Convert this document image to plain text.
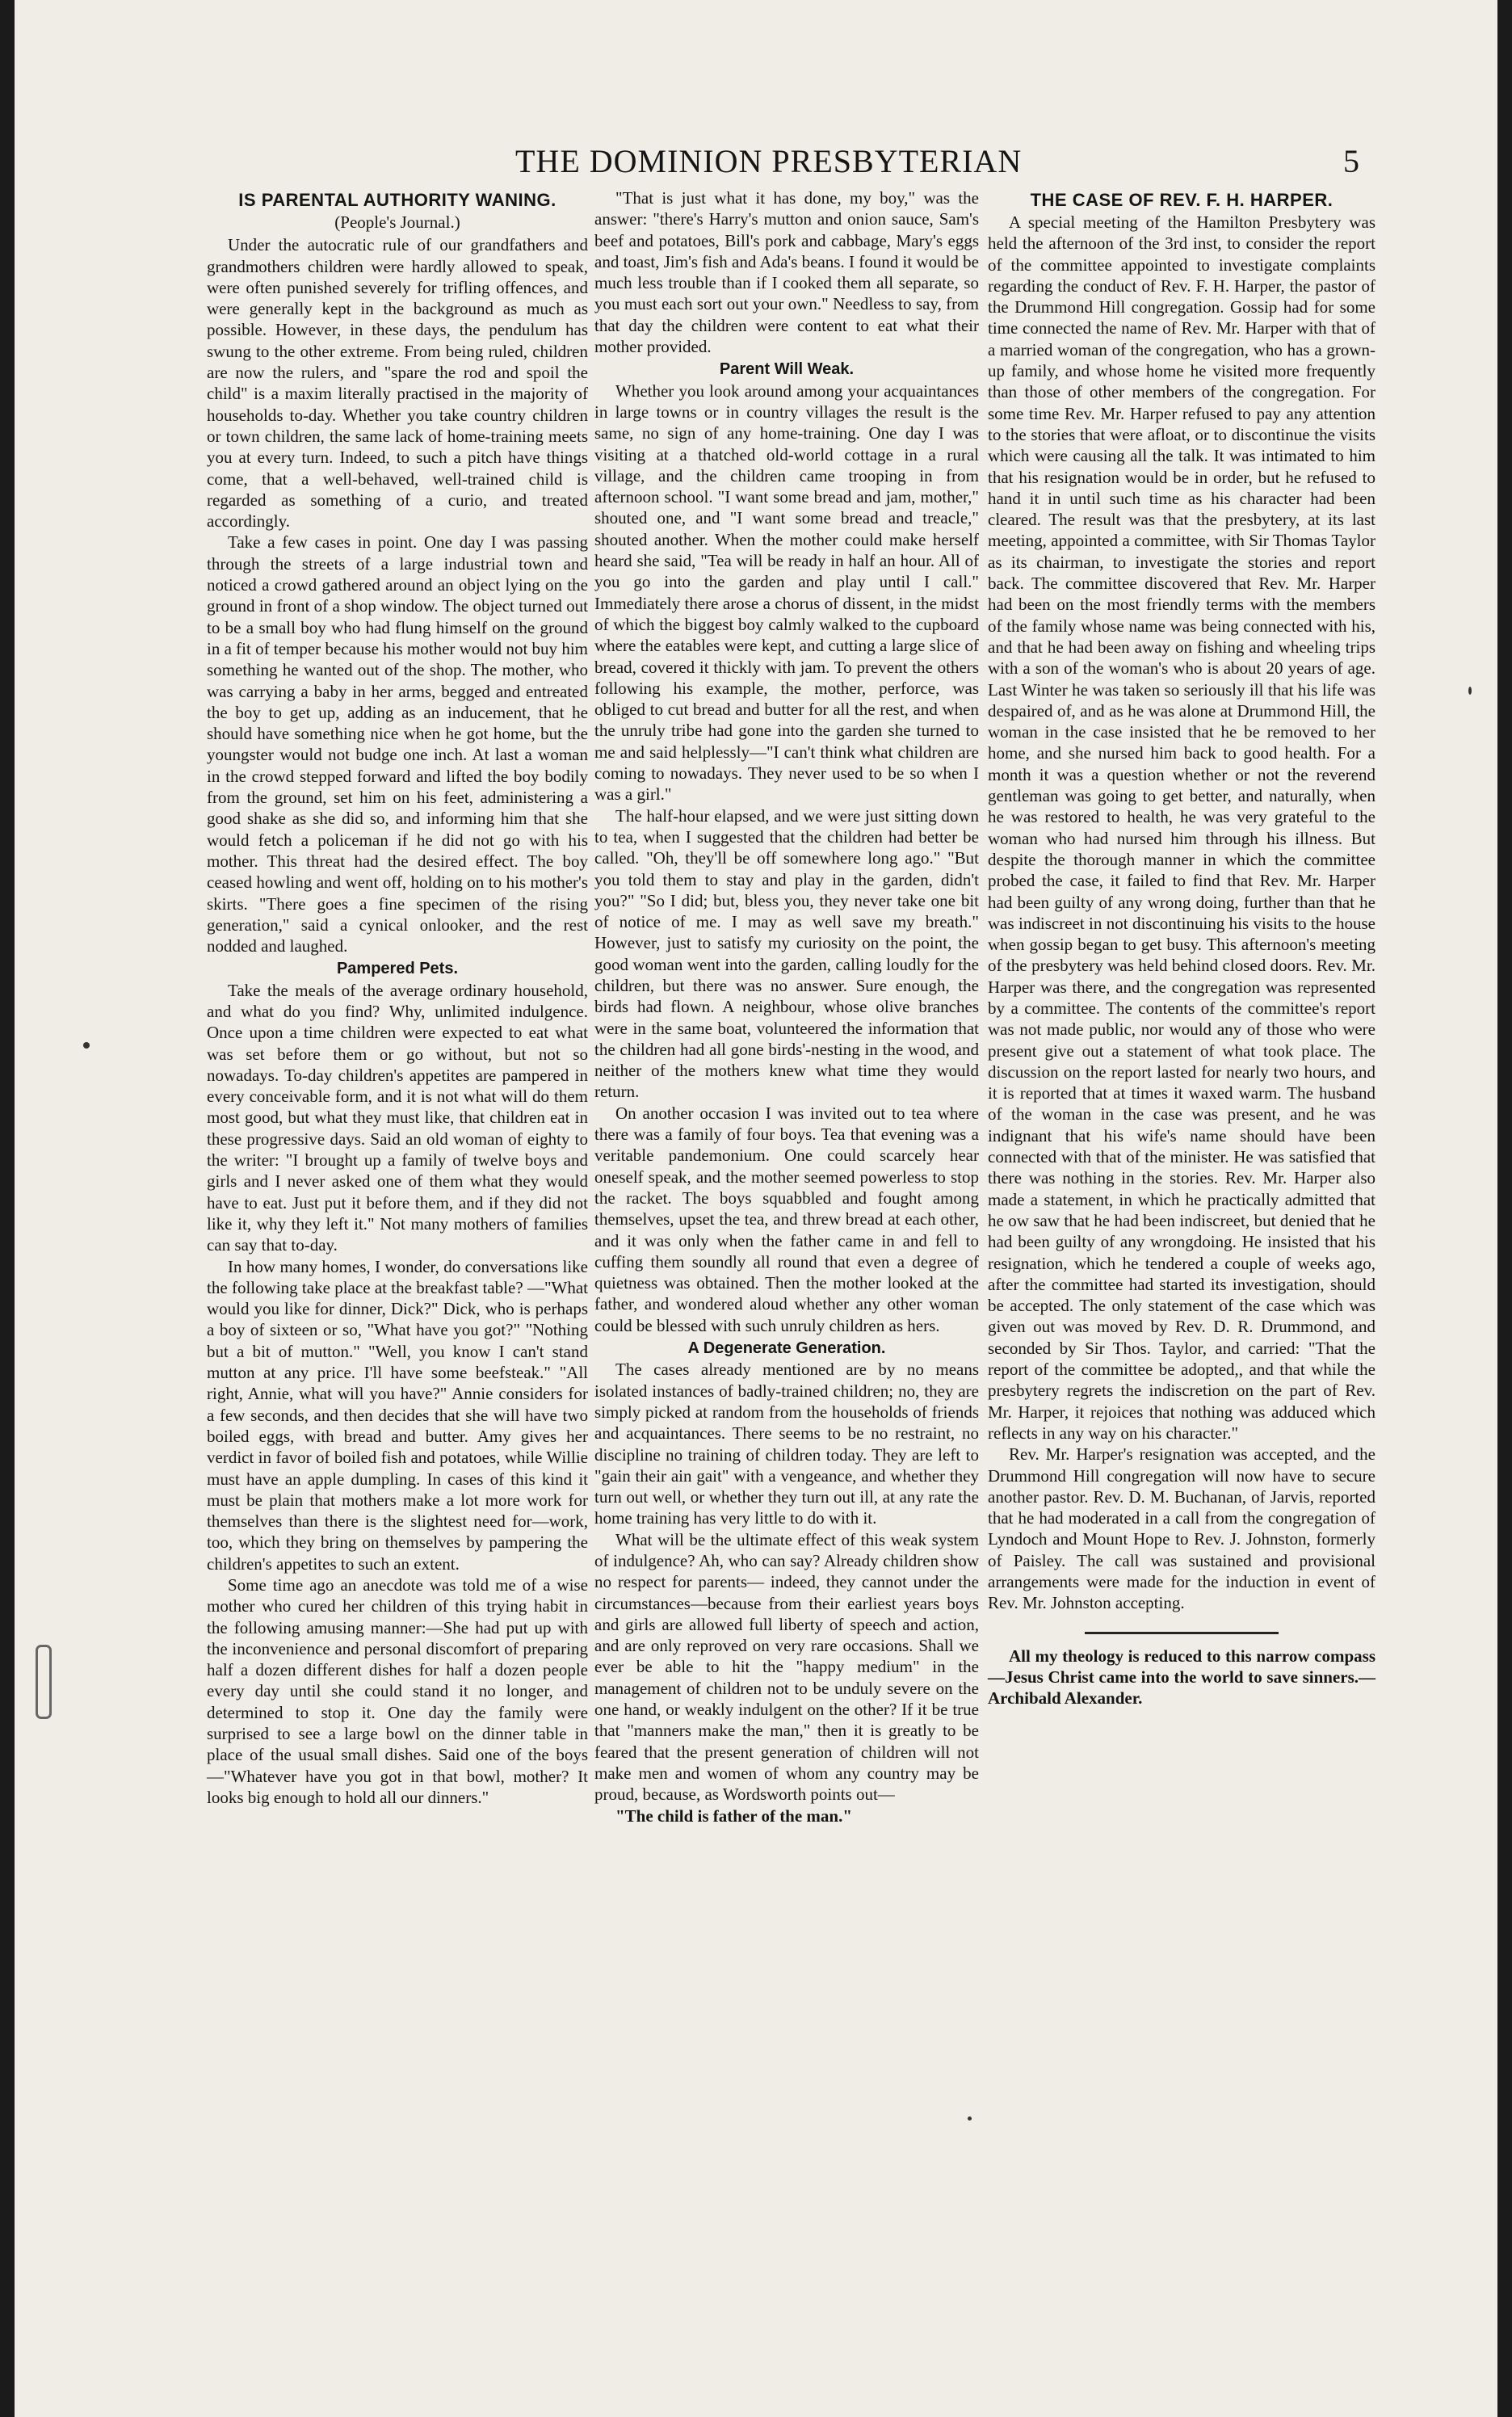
THE DOMINION PRESBYTERIAN	5
IS PARENTAL AUTHORITY WANING.
(People's Journal.)

Under the autocratic rule of our grandfathers and grandmothers children were hardly allowed to speak, were often punished severely for trifling offences, and were generally kept in the background as much as possible. However, in these days, the pendulum has swung to the other extreme. From being ruled, children are now the rulers, and "spare the rod and spoil the child" is a maxim literally practised in the majority of households to-day. Whether you take country children or town children, the same lack of home-training meets you at every turn. Indeed, to such a pitch have things come, that a well-behaved, well-trained child is regarded as something of a curio, and treated accordingly.

Take a few cases in point. One day I was passing through the streets of a large industrial town and noticed a crowd gathered around an object lying on the ground in front of a shop window. The object turned out to be a small boy who had flung himself on the ground in a fit of temper because his mother would not buy him something he wanted out of the shop. The mother, who was carrying a baby in her arms, begged and entreated the boy to get up, adding as an inducement, that he should have something nice when he got home, but the youngster would not budge one inch. At last a woman in the crowd stepped forward and lifted the boy bodily from the ground, set him on his feet, administering a good shake as she did so, and informing him that she would fetch a policeman if he did not go with his mother. This threat had the desired effect. The boy ceased howling and went off, holding on to his mother's skirts. "There goes a fine specimen of the rising generation," said a cynical onlooker, and the rest nodded and laughed.

Pampered Pets.

Take the meals of the average ordinary household, and what do you find? Why, unlimited indulgence. Once upon a time children were expected to eat what was set before them or go without, but not so nowadays. To-day children's appetites are pampered in every conceivable form, and it is not what will do them most good, but what they must like, that children eat in these progressive days. Said an old woman of eighty to the writer: "I brought up a family of twelve boys and girls and I never asked one of them what they would have to eat. Just put it before them, and if they did not like it, why they left it." Not many mothers of families can say that to-day.

In how many homes, I wonder, do conversations like the following take place at the breakfast table? —"What would you like for dinner, Dick?" Dick, who is perhaps a boy of sixteen or so, "What have you got?" "Nothing but a bit of mutton." "Well, you know I can't stand mutton at any price. I'll have some beefsteak." "All right, Annie, what will you have?" Annie considers for a few seconds, and then decides that she will have two boiled eggs, with bread and butter. Amy gives her verdict in favor of boiled fish and potatoes, while Willie must have an apple dumpling. In cases of this kind it must be plain that mothers make a lot more work for themselves than there is the slightest need for—work, too, which they bring on themselves by pampering the children's appetites to such an extent.

Some time ago an anecdote was told me of a wise mother who cured her children of this trying habit in the following amusing manner:—She had put up with the inconvenience and personal discomfort of preparing half a dozen different dishes for half a dozen people every day until she could stand it no longer, and determined to stop it. One day the family were surprised to see a large bowl on the dinner table in place of the usual small dishes. Said one of the boys—"Whatever have you got in that bowl, mother? It looks big enough to hold all our dinners."

"That is just what it has done, my boy," was the answer: "there's Harry's mutton and onion sauce, Sam's beef and potatoes, Bill's pork and cabbage, Mary's eggs and toast, Jim's fish and Ada's beans. I found it would be much less trouble than if I cooked them all separate, so you must each sort out your own." Needless to say, from that day the children were content to eat what their mother provided.

Parent Will Weak.

Whether you look around among your acquaintances in large towns or in country villages the result is the same, no sign of any home-training. One day I was visiting at a thatched old-world cottage in a rural village, and the children came trooping in from afternoon school. "I want some bread and jam, mother," shouted one, and "I want some bread and treacle," shouted another. When the mother could make herself heard she said, "Tea will be ready in half an hour. All of you go into the garden and play until I call." Immediately there arose a chorus of dissent, in the midst of which the biggest boy calmly walked to the cupboard where the eatables were kept, and cutting a large slice of bread, covered it thickly with jam. To prevent the others following his example, the mother, perforce, was obliged to cut bread and butter for all the rest, and when the unruly tribe had gone into the garden she turned to me and said helplessly—"I can't think what children are coming to nowadays. They never used to be so when I was a girl."

The half-hour elapsed, and we were just sitting down to tea, when I suggested that the children had better be called. "Oh, they'll be off somewhere long ago." "But you told them to stay and play in the garden, didn't you?" "So I did; but, bless you, they never take one bit of notice of me. I may as well save my breath." However, just to satisfy my curiosity on the point, the good woman went into the garden, calling loudly for the children, but there was no answer. Sure enough, the birds had flown. A neighbour, whose olive branches were in the same boat, volunteered the information that the children had all gone birds'-nesting in the wood, and neither of the mothers knew what time they would return.

On another occasion I was invited out to tea where there was a family of four boys. Tea that evening was a veritable pandemonium. One could scarcely hear oneself speak, and the mother seemed powerless to stop the racket. The boys squabbled and fought among themselves, upset the tea, and threw bread at each other, and it was only when the father came in and fell to cuffing them soundly all round that even a degree of quietness was obtained. Then the mother looked at the father, and wondered aloud whether any other woman could be blessed with such unruly children as hers.

A Degenerate Generation.

The cases already mentioned are by no means isolated instances of badly-trained children; no, they are simply picked at random from the households of friends and acquaintances. There seems to be no restraint, no discipline no training of children today. They are left to "gain their ain gait" with a vengeance, and whether they turn out well, or whether they turn out ill, at any rate the home training has very little to do with it.

What will be the ultimate effect of this weak system of indulgence? Ah, who can say? Already children show no respect for parents— indeed, they cannot under the circumstances—because from their earliest years boys and girls are allowed full liberty of speech and action, and are only reproved on very rare occasions. Shall we ever be able to hit the "happy medium" in the management of children not to be unduly severe on the one hand, or weakly indulgent on the other? If it be true that "manners make the man," then it is greatly to be feared that the present generation of children will not make men and women of whom any country may be proud, because, as Wordsworth points out—

"The child is father of the man."

THE CASE OF REV. F. H. HARPER.

A special meeting of the Hamilton Presbytery was held the afternoon of the 3rd inst, to consider the report of the committee appointed to investigate complaints regarding the conduct of Rev. F. H. Harper, the pastor of the Drummond Hill congregation. Gossip had for some time connected the name of Rev. Mr. Harper with that of a married woman of the congregation, who has a grown-up family, and whose home he visited more frequently than those of other members of the congregation. For some time Rev. Mr. Harper refused to pay any attention to the stories that were afloat, or to discontinue the visits which were causing all the talk. It was intimated to him that his resignation would be in order, but he refused to hand it in until such time as his character had been cleared. The result was that the presbytery, at its last meeting, appointed a committee, with Sir Thomas Taylor as its chairman, to investigate the stories and report back. The committee discovered that Rev. Mr. Harper had been on the most friendly terms with the members of the family whose name was being connected with his, and that he had been away on fishing and wheeling trips with a son of the woman's who is about 20 years of age. Last Winter he was taken so seriously ill that his life was despaired of, and as he was alone at Drummond Hill, the woman in the case insisted that he be removed to her home, and she nursed him back to good health. For a month it was a question whether or not the reverend gentleman was going to get better, and naturally, when he was restored to health, he was very grateful to the woman who had nursed him through his illness. But despite the thorough manner in which the committee probed the case, it failed to find that Rev. Mr. Harper had been guilty of any wrong doing, further than that he was indiscreet in not discontinuing his visits to the house when gossip began to get busy. This afternoon's meeting of the presbytery was held behind closed doors. Rev. Mr. Harper was there, and the congregation was represented by a committee. The contents of the committee's report was not made public, nor would any of those who were present give out a statement of what took place. The discussion on the report lasted for nearly two hours, and it is reported that at times it waxed warm. The husband of the woman in the case was present, and he was indignant that his wife's name should have been connected with that of the minister. He was satisfied that there was nothing in the stories. Rev. Mr. Harper also made a statement, in which he practically admitted that he ow saw that he had been indiscreet, but denied that he had been guilty of any wrongdoing. He insisted that his resignation, which he tendered a couple of weeks ago, after the committee had started its investigation, should be accepted. The only statement of the case which was given out was moved by Rev. D. R. Drummond, and seconded by Sir Thos. Taylor, and carried: "That the report of the committee be adopted,, and that while the presbytery regrets the indiscretion on the part of Rev. Mr. Harper, it rejoices that nothing was adduced which reflects in any way on his character."

Rev. Mr. Harper's resignation was accepted, and the Drummond Hill congregation will now have to secure another pastor. Rev. D. M. Buchanan, of Jarvis, reported that he had moderated in a call from the congregation of Lyndoch and Mount Hope to Rev. J. Johnston, formerly of Paisley. The call was sustained and provisional arrangements were made for the induction in event of Rev. Mr. Johnston accepting.

All my theology is reduced to this narrow compass—Jesus Christ came into the world to save sinners.—Archibald Alexander.
